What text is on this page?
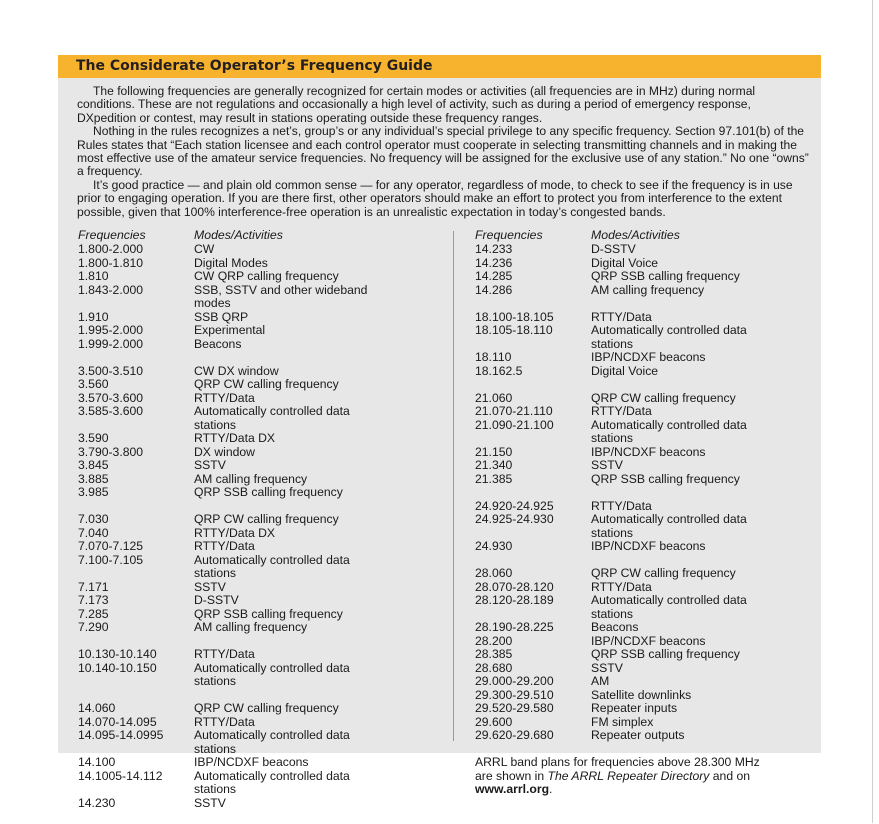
The Considerate Operator’s Frequency Guide

The following frequencies are generally recognized for certain modes or activities (all frequencies are in MHz) during normal conditions. These are not regulations and occasionally a high level of activity, such as during a period of emergency response, DXpedition or contest, may result in stations operating outside these frequency ranges.

Nothing in the rules recognizes a net’s, group’s or any individual’s special privilege to any specific frequency. Section 97.101(b) of the Rules states that “Each station licensee and each control operator must cooperate in selecting transmitting channels and in making the most effective use of the amateur service frequencies. No frequency will be assigned for the exclusive use of any station.” No one “owns” a frequency.

It’s good practice — and plain old common sense — for any operator, regardless of mode, to check to see if the frequency is in use prior to engaging operation. If you are there first, other operators should make an effort to protect you from interference to the extent possible, given that 100% interference-free operation is an unrealistic expectation in today’s congested bands.

Frequencies	Modes/Activities
1.800-2.000	CW
1.800-1.810	Digital Modes
1.810	CW QRP calling frequency
1.843-2.000	SSB, SSTV and other wideband modes
1.910	SSB QRP
1.995-2.000	Experimental
1.999-2.000	Beacons
3.500-3.510	CW DX window
3.560	QRP CW calling frequency
3.570-3.600	RTTY/Data
3.585-3.600	Automatically controlled data stations
3.590	RTTY/Data DX
3.790-3.800	DX window
3.845	SSTV
3.885	AM calling frequency
3.985	QRP SSB calling frequency
7.030	QRP CW calling frequency
7.040	RTTY/Data DX
7.070-7.125	RTTY/Data
7.100-7.105	Automatically controlled data stations
7.171	SSTV
7.173	D-SSTV
7.285	QRP SSB calling frequency
7.290	AM calling frequency
10.130-10.140	RTTY/Data
10.140-10.150	Automatically controlled data stations
14.060	QRP CW calling frequency
14.070-14.095	RTTY/Data
14.095-14.0995	Automatically controlled data stations
14.100	IBP/NCDXF beacons
14.1005-14.112	Automatically controlled data stations
14.230	SSTV
Frequencies	Modes/Activities
14.233	D-SSTV
14.236	Digital Voice
14.285	QRP SSB calling frequency
14.286	AM calling frequency
18.100-18.105	RTTY/Data
18.105-18.110	Automatically controlled data stations
18.110	IBP/NCDXF beacons
18.162.5	Digital Voice
21.060	QRP CW calling frequency
21.070-21.110	RTTY/Data
21.090-21.100	Automatically controlled data stations
21.150	IBP/NCDXF beacons
21.340	SSTV
21.385	QRP SSB calling frequency
24.920-24.925	RTTY/Data
24.925-24.930	Automatically controlled data stations
24.930	IBP/NCDXF beacons
28.060	QRP CW calling frequency
28.070-28.120	RTTY/Data
28.120-28.189	Automatically controlled data stations
28.190-28.225	Beacons
28.200	IBP/NCDXF beacons
28.385	QRP SSB calling frequency
28.680	SSTV
29.000-29.200	AM
29.300-29.510	Satellite downlinks
29.520-29.580	Repeater inputs
29.600	FM simplex
29.620-29.680	Repeater outputs
ARRL band plans for frequencies above 28.300 MHz
are shown in The ARRL Repeater Directory and on
www.arrl.org.
